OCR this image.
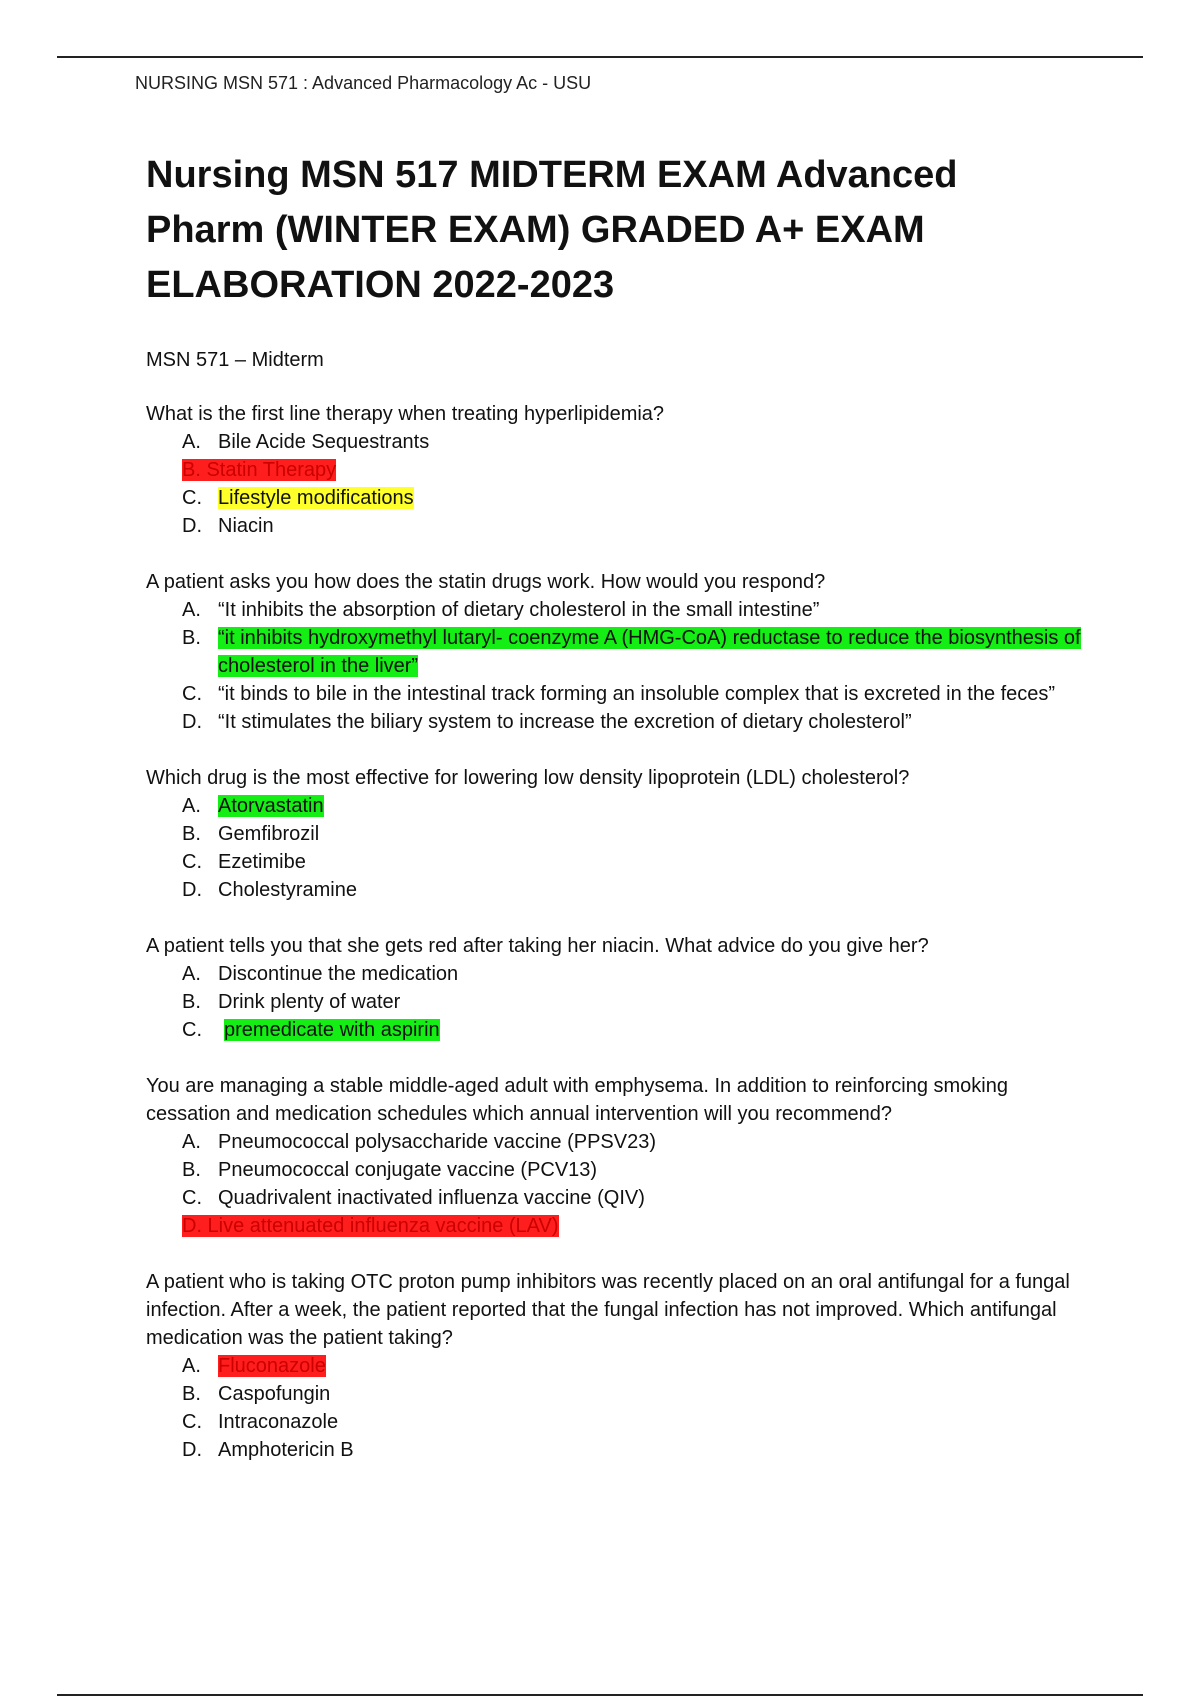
NURSING MSN 571 : Advanced Pharmacology Ac - USU
Nursing MSN 517 MIDTERM EXAM Advanced Pharm (WINTER EXAM) GRADED A+ EXAM ELABORATION 2022-2023
MSN 571 – Midterm
What is the first line therapy when treating hyperlipidemia?
A. Bile Acide Sequestrants
B. Statin Therapy
C. Lifestyle modifications
D. Niacin
A patient asks you how does the statin drugs work. How would you respond?
A. “It inhibits the absorption of dietary cholesterol in the small intestine”
B. “it inhibits hydroxymethyl lutaryl- coenzyme A (HMG-CoA) reductase to reduce the biosynthesis of cholesterol in the liver”
C. “it binds to bile in the intestinal track forming an insoluble complex that is excreted in the feces”
D. “It stimulates the biliary system to increase the excretion of dietary cholesterol”
Which drug is the most effective for lowering low density lipoprotein (LDL) cholesterol?
A. Atorvastatin
B. Gemfibrozil
C. Ezetimibe
D. Cholestyramine
A patient tells you that she gets red after taking her niacin. What advice do you give her?
A. Discontinue the medication
B. Drink plenty of water
C.	premedicate with aspirin
You are managing a stable middle-aged adult with emphysema. In addition to reinforcing smoking cessation and medication schedules which annual intervention will you recommend?
A. Pneumococcal polysaccharide vaccine (PPSV23)
B. Pneumococcal conjugate vaccine (PCV13)
C. Quadrivalent inactivated influenza vaccine (QIV)
D. Live attenuated influenza vaccine (LAV)
A patient who is taking OTC proton pump inhibitors was recently placed on an oral antifungal for a fungal infection. After a week, the patient reported that the fungal infection has not improved. Which antifungal medication was the patient taking?
A. Fluconazole
B. Caspofungin
C. Intraconazole
D. Amphotericin B
